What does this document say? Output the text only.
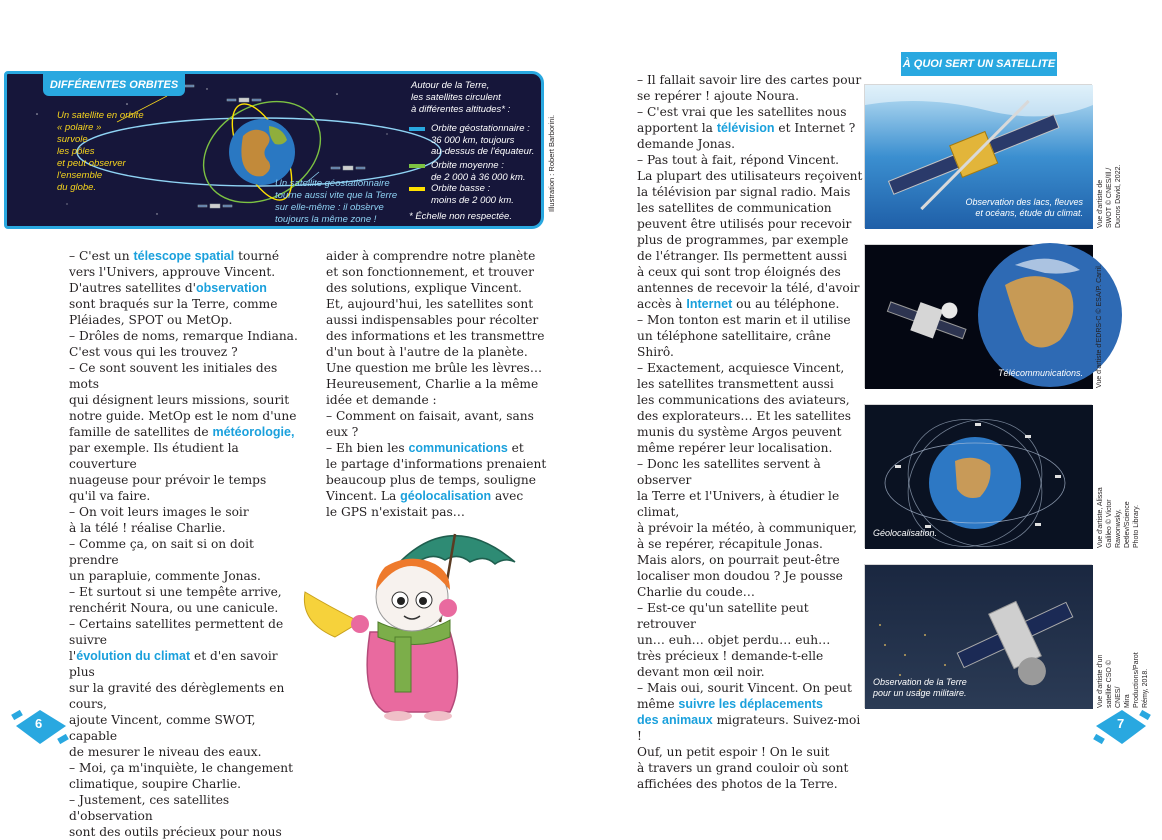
DIFFÉRENTES ORBITES
Un satellite en orbite
« polaire »
survole
les pôles
et peut observer
l'ensemble
du globe.	Un satellite géostationnaire
tourne aussi vite que la Terre
sur elle-même : il observe
toujours la même zone !
Autour de la Terre,
les satellites circulent
à différentes altitudes* :
Orbite géostationnaire :
36 000 km, toujours
au-dessus de l'équateur.
Orbite moyenne :
de 2 000 à 36 000 km.
Orbite basse :
moins de 2 000 km.
* Échelle non respectée.
Illustration : Robert Barborini.

– C'est un télescope spatial tourné

vers l'Univers, approuve Vincent.

D'autres satellites d'observation

sont braqués sur la Terre, comme

Pléiades, SPOT ou MetOp.

– Drôles de noms, remarque Indiana.

C'est vous qui les trouvez ?

– Ce sont souvent les initiales des mots

qui désignent leurs missions, sourit

notre guide. MetOp est le nom d'une

famille de satellites de météorologie,

par exemple. Ils étudient la couverture

nuageuse pour prévoir le temps

qu'il va faire.

– On voit leurs images le soir

à la télé ! réalise Charlie.

– Comme ça, on sait si on doit prendre

un parapluie, commente Jonas.

– Et surtout si une tempête arrive,

renchérit Noura, ou une canicule.

– Certains satellites permettent de suivre

l'évolution du climat et d'en savoir plus

sur la gravité des dérèglements en cours,

ajoute Vincent, comme SWOT, capable

de mesurer le niveau des eaux.

– Moi, ça m'inquiète, le changement

climatique, soupire Charlie.

– Justement, ces satellites d'observation

sont des outils précieux pour nous

aider à comprendre notre planète

et son fonctionnement, et trouver

des solutions, explique Vincent.

Et, aujourd'hui, les satellites sont

aussi indispensables pour récolter

des informations et les transmettre

d'un bout à l'autre de la planète.

Une question me brûle les lèvres…

Heureusement, Charlie a la même

idée et demande :

– Comment on faisait, avant, sans eux ?

– Eh bien les communications et

le partage d'informations prenaient

beaucoup plus de temps, souligne

Vincent. La géolocalisation avec

le GPS n'existait pas…

– Il fallait savoir lire des cartes pour

se repérer ! ajoute Noura.

– C'est vrai que les satellites nous

apportent la télévision et Internet ?

demande Jonas.

– Pas tout à fait, répond Vincent.

La plupart des utilisateurs reçoivent

la télévision par signal radio. Mais

les satellites de communication

peuvent être utilisés pour recevoir

plus de programmes, par exemple

de l'étranger. Ils permettent aussi

à ceux qui sont trop éloignés des

antennes de recevoir la télé, d'avoir

accès à Internet ou au téléphone.

– Mon tonton est marin et il utilise

un téléphone satellitaire, crâne Shirô.

– Exactement, acquiesce Vincent,

les satellites transmettent aussi

les communications des aviateurs,

des explorateurs… Et les satellites

munis du système Argos peuvent

même repérer leur localisation.

– Donc les satellites servent à observer

la Terre et l'Univers, à étudier le climat,

à prévoir la météo, à communiquer,

à se repérer, récapitule Jonas.

Mais alors, on pourrait peut-être

localiser mon doudou ? Je pousse

Charlie du coude…

– Est-ce qu'un satellite peut retrouver

un… euh… objet perdu… euh…

très précieux ! demande-t-elle

devant mon œil noir.

– Mais oui, sourit Vincent. On peut

même suivre les déplacements

des animaux migrateurs. Suivez-moi !

Ouf, un petit espoir ! On le suit

à travers un grand couloir où sont

affichées des photos de la Terre.

À QUOI SERT UN SATELLITE
Observation des lacs, fleuves
et océans, étude du climat.
Vue d'artiste de SWOT © CNES/Ill./
Ducros David, 2022.
Télécommunications. Vue d'artiste d'EDRS-C © ESA/P. Carril.
Géolocalisation.
Vue d'artiste, Alissa Galileo © Victor Rawonwsky,
Detlev/Science Photo Library.
Observation de la Terre
pour un usage militaire.
Vue d'artiste d'un satellite CSO © CNES/
Mira Productions/Parot Rémy, 2018.
6	7
